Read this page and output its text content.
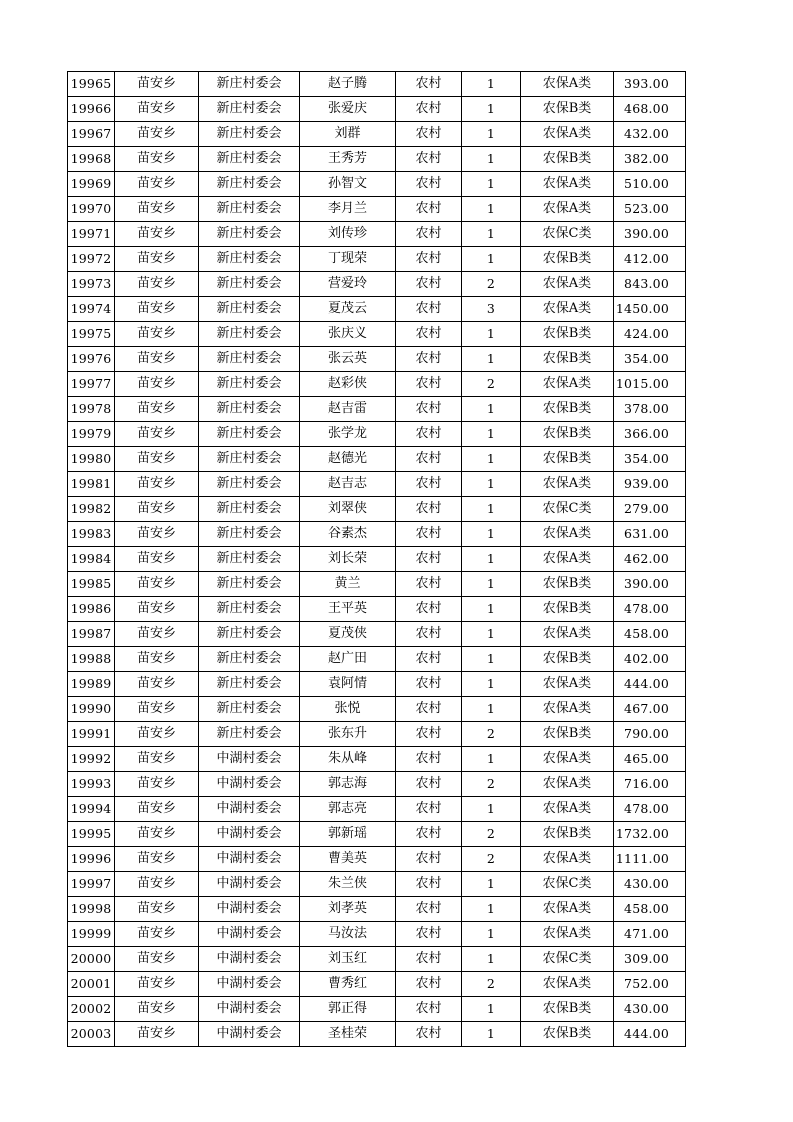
19965	苗安乡	新庄村委会	赵子腾	农村	1	农保A类	393.00
19966	苗安乡	新庄村委会	张爱庆	农村	1	农保B类	468.00
19967	苗安乡	新庄村委会	刘群	农村	1	农保A类	432.00
19968	苗安乡	新庄村委会	王秀芳	农村	1	农保B类	382.00
19969	苗安乡	新庄村委会	孙智文	农村	1	农保A类	510.00
19970	苗安乡	新庄村委会	李月兰	农村	1	农保A类	523.00
19971	苗安乡	新庄村委会	刘传珍	农村	1	农保C类	390.00
19972	苗安乡	新庄村委会	丁现荣	农村	1	农保B类	412.00
19973	苗安乡	新庄村委会	营爱玲	农村	2	农保A类	843.00
19974	苗安乡	新庄村委会	夏茂云	农村	3	农保A类	1450.00
19975	苗安乡	新庄村委会	张庆义	农村	1	农保B类	424.00
19976	苗安乡	新庄村委会	张云英	农村	1	农保B类	354.00
19977	苗安乡	新庄村委会	赵彩侠	农村	2	农保A类	1015.00
19978	苗安乡	新庄村委会	赵吉雷	农村	1	农保B类	378.00
19979	苗安乡	新庄村委会	张学龙	农村	1	农保B类	366.00
19980	苗安乡	新庄村委会	赵德光	农村	1	农保B类	354.00
19981	苗安乡	新庄村委会	赵吉志	农村	1	农保A类	939.00
19982	苗安乡	新庄村委会	刘翠侠	农村	1	农保C类	279.00
19983	苗安乡	新庄村委会	谷素杰	农村	1	农保A类	631.00
19984	苗安乡	新庄村委会	刘长荣	农村	1	农保A类	462.00
19985	苗安乡	新庄村委会	黄兰	农村	1	农保B类	390.00
19986	苗安乡	新庄村委会	王平英	农村	1	农保B类	478.00
19987	苗安乡	新庄村委会	夏茂侠	农村	1	农保A类	458.00
19988	苗安乡	新庄村委会	赵广田	农村	1	农保B类	402.00
19989	苗安乡	新庄村委会	袁阿情	农村	1	农保A类	444.00
19990	苗安乡	新庄村委会	张悦	农村	1	农保A类	467.00
19991	苗安乡	新庄村委会	张东升	农村	2	农保B类	790.00
19992	苗安乡	中湖村委会	朱从峰	农村	1	农保A类	465.00
19993	苗安乡	中湖村委会	郭志海	农村	2	农保A类	716.00
19994	苗安乡	中湖村委会	郭志亮	农村	1	农保A类	478.00
19995	苗安乡	中湖村委会	郭新瑶	农村	2	农保B类	1732.00
19996	苗安乡	中湖村委会	曹美英	农村	2	农保A类	1111.00
19997	苗安乡	中湖村委会	朱兰侠	农村	1	农保C类	430.00
19998	苗安乡	中湖村委会	刘孝英	农村	1	农保A类	458.00
19999	苗安乡	中湖村委会	马汝法	农村	1	农保A类	471.00
20000	苗安乡	中湖村委会	刘玉红	农村	1	农保C类	309.00
20001	苗安乡	中湖村委会	曹秀红	农村	2	农保A类	752.00
20002	苗安乡	中湖村委会	郭正得	农村	1	农保B类	430.00
20003	苗安乡	中湖村委会	圣桂荣	农村	1	农保B类	444.00
